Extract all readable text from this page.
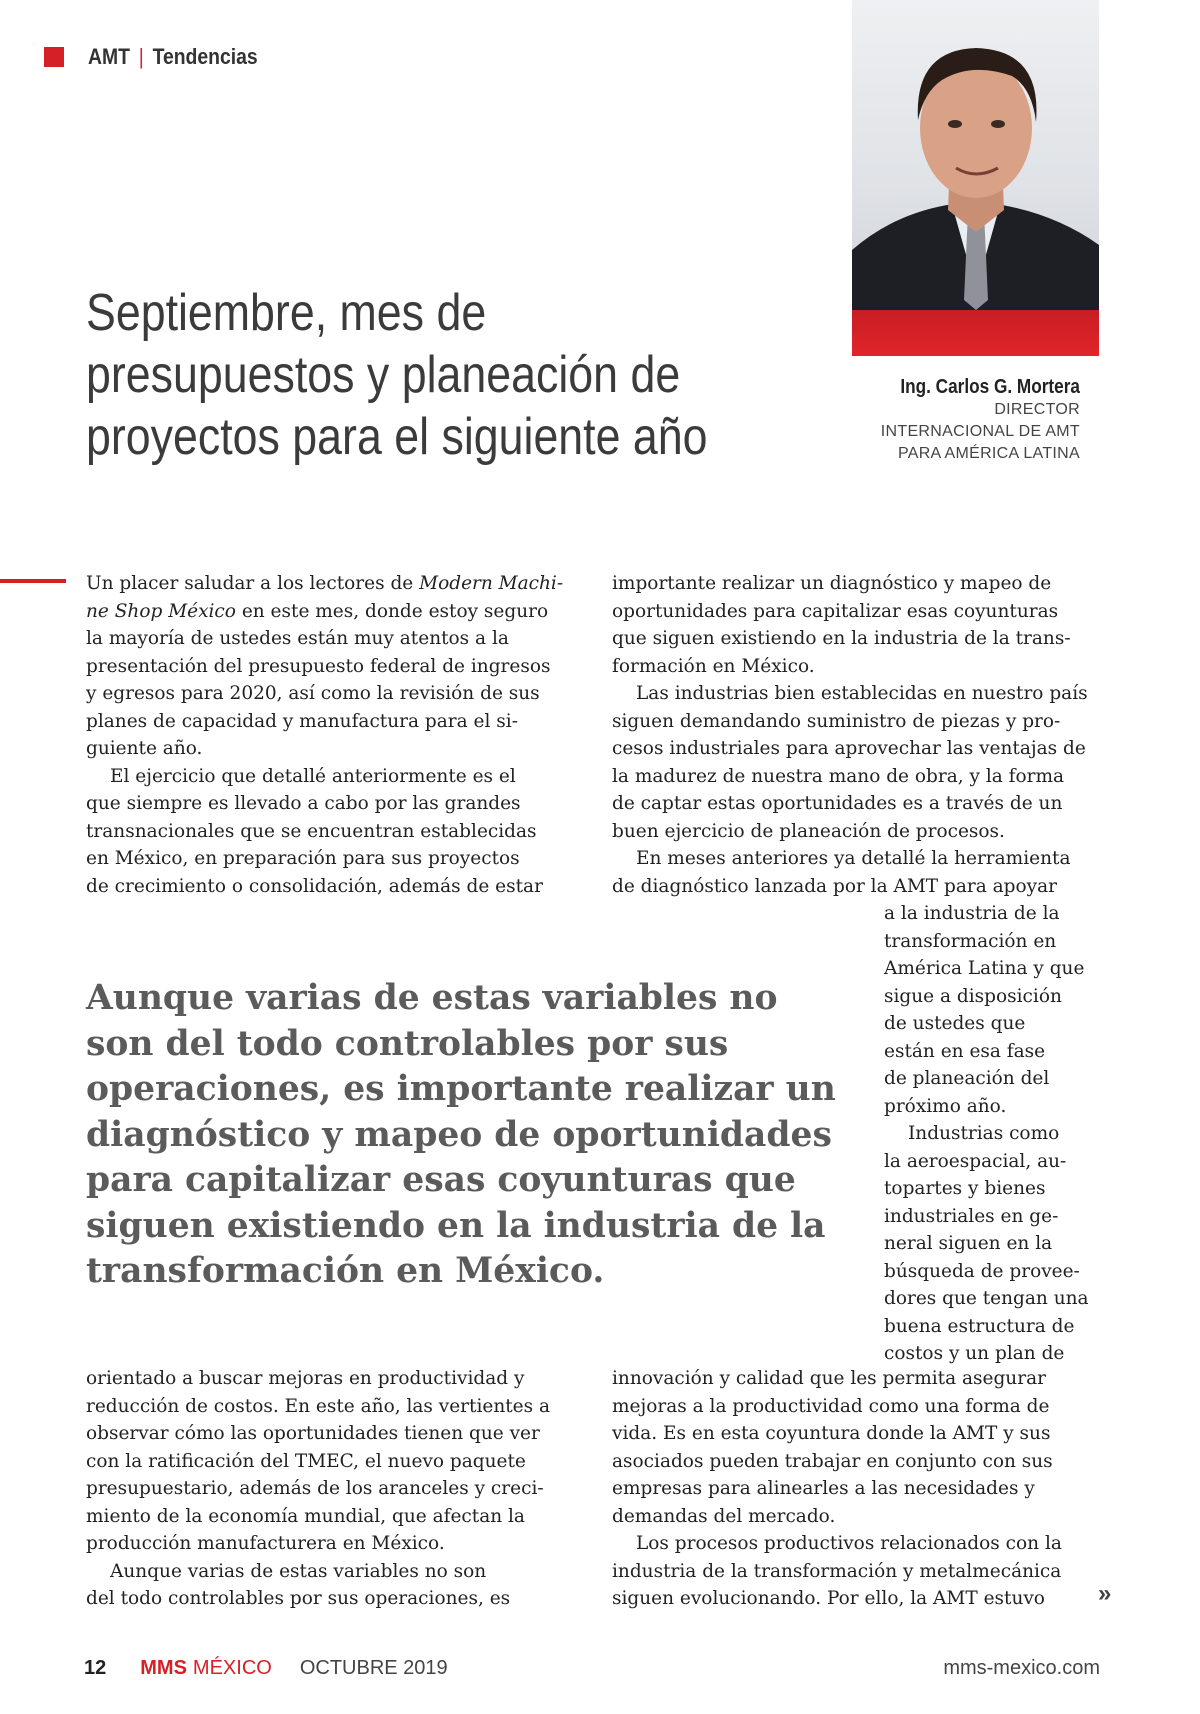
AMT | Tendencias
Septiembre, mes de
presupuestos y planeación de
proyectos para el siguiente año
Ing. Carlos G. Mortera
DIRECTOR
INTERNACIONAL DE AMT
PARA AMÉRICA LATINA
Un placer saludar a los lectores de Modern Machi-
ne Shop México en este mes, donde estoy seguro
la mayoría de ustedes están muy atentos a la
presentación del presupuesto federal de ingresos
y egresos para 2020, así como la revisión de sus
planes de capacidad y manufactura para el si-
guiente año.
El ejercicio que detallé anteriormente es el
que siempre es llevado a cabo por las grandes
transnacionales que se encuentran establecidas
en México, en preparación para sus proyectos
de crecimiento o consolidación, además de estar
importante realizar un diagnóstico y mapeo de
oportunidades para capitalizar esas coyunturas
que siguen existiendo en la industria de la trans-
formación en México.
Las industrias bien establecidas en nuestro país
siguen demandando suministro de piezas y pro-
cesos industriales para aprovechar las ventajas de
la madurez de nuestra mano de obra, y la forma
de captar estas oportunidades es a través de un
buen ejercicio de planeación de procesos.
En meses anteriores ya detallé la herramienta
de diagnóstico lanzada por la AMT para apoyar
a la industria de la
transformación en
América Latina y que
sigue a disposición
de ustedes que
están en esa fase
de planeación del
próximo año.
Industrias como
la aeroespacial, au-
topartes y bienes
industriales en ge-
neral siguen en la
búsqueda de provee-
dores que tengan una
buena estructura de
costos y un plan de
Aunque varias de estas variables no
son del todo controlables por sus
operaciones, es importante realizar un
diagnóstico y mapeo de oportunidades
para capitalizar esas coyunturas que
siguen existiendo en la industria de la
transformación en México.
orientado a buscar mejoras en productividad y
reducción de costos. En este año, las vertientes a
observar cómo las oportunidades tienen que ver
con la ratificación del TMEC, el nuevo paquete
presupuestario, además de los aranceles y creci-
miento de la economía mundial, que afectan la
producción manufacturera en México.
Aunque varias de estas variables no son
del todo controlables por sus operaciones, es
innovación y calidad que les permita asegurar
mejoras a la productividad como una forma de
vida. Es en esta coyuntura donde la AMT y sus
asociados pueden trabajar en conjunto con sus
empresas para alinearles a las necesidades y
demandas del mercado.
Los procesos productivos relacionados con la
industria de la transformación y metalmecánica
siguen evolucionando. Por ello, la AMT estuvo	»
12 MMS MÉXICO OCTUBRE 2019	mms-mexico.com
